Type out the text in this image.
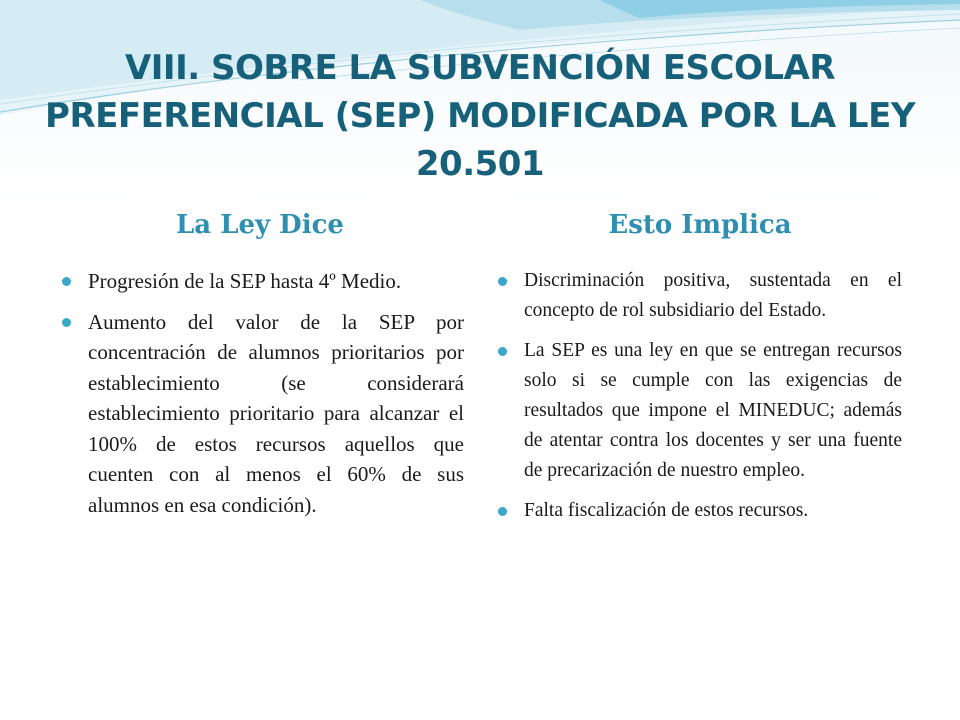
VIII. SOBRE LA SUBVENCIÓN ESCOLAR PREFERENCIAL (SEP) MODIFICADA POR LA LEY 20.501
La Ley Dice	Esto Implica
Progresión de la SEP hasta 4º Medio.
Aumento del valor de la SEP por concentración de alumnos prioritarios por establecimiento (se considerará establecimiento prioritario para alcanzar el 100% de estos recursos aquellos que cuenten con al menos el 60% de sus alumnos en esa condición).
Discriminación positiva, sustentada en el concepto de rol subsidiario del Estado.
La SEP es una ley en que se entregan recursos solo si se cumple con las exigencias de resultados que impone el MINEDUC; además de atentar contra los docentes y ser una fuente de precarización de nuestro empleo.
Falta fiscalización de estos recursos.
